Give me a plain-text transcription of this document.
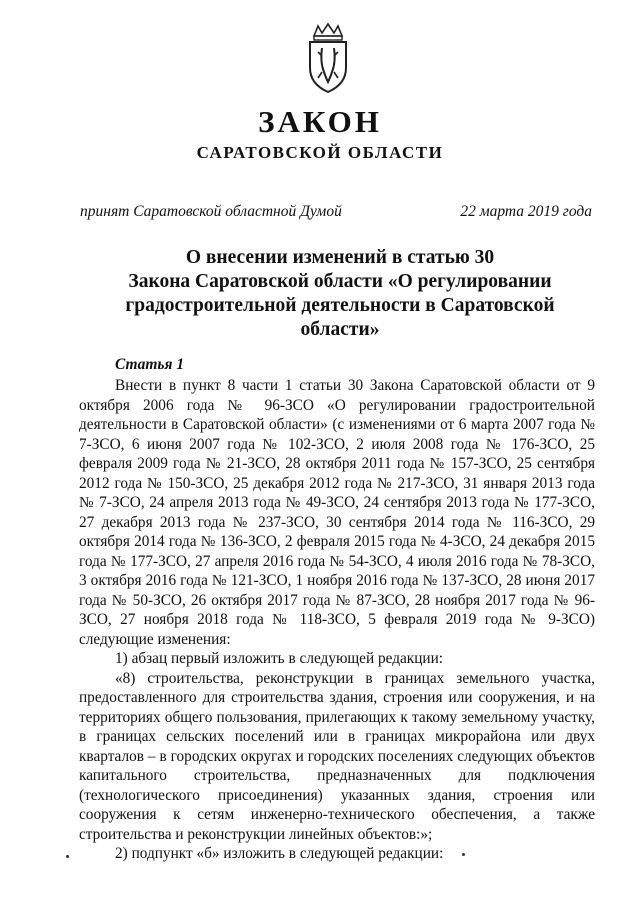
ЗАКОН
САРАТОВСКОЙ ОБЛАСТИ
принят Саратовской областной Думой	22 марта 2019 года
О внесении изменений в статью 30
Закона Саратовской области «О регулировании
градостроительной деятельности в Саратовской
области»
Статья 1

Внести в пункт 8 части 1 статьи 30 Закона Саратовской области от 9 октября 2006 года № 96-ЗСО «О регулировании градостроительной деятельности в Саратовской области» (с изменениями от 6 марта 2007 года № 7-ЗСО, 6 июня 2007 года № 102-ЗСО, 2 июля 2008 года № 176-ЗСО, 25 февраля 2009 года № 21-ЗСО, 28 октября 2011 года № 157-ЗСО, 25 сентября 2012 года № 150-ЗСО, 25 декабря 2012 года № 217-ЗСО, 31 января 2013 года № 7-ЗСО, 24 апреля 2013 года № 49-ЗСО, 24 сентября 2013 года № 177-ЗСО, 27 декабря 2013 года № 237-ЗСО, 30 сентября 2014 года № 116-ЗСО, 29 октября 2014 года № 136-ЗСО, 2 февраля 2015 года № 4-ЗСО, 24 декабря 2015 года № 177-ЗСО, 27 апреля 2016 года № 54-ЗСО, 4 июля 2016 года № 78-ЗСО, 3 октября 2016 года № 121-ЗСО, 1 ноября 2016 года № 137-ЗСО, 28 июня 2017 года № 50-ЗСО, 26 октября 2017 года № 87-ЗСО, 28 ноября 2017 года № 96-ЗСО, 27 ноября 2018 года № 118-ЗСО, 5 февраля 2019 года № 9-ЗСО) следующие изменения:

1) абзац первый изложить в следующей редакции:

«8) строительства, реконструкции в границах земельного участка, предоставленного для строительства здания, строения или сооружения, и на территориях общего пользования, прилегающих к такому земельному участку, в границах сельских поселений или в границах микрорайона или двух кварталов – в городских округах и городских поселениях следующих объектов капитального строительства, предназначенных для подключения (технологического присоединения) указанных здания, строения или сооружения к сетям инженерно-технического обеспечения, а также строительства и реконструкции линейных объектов:»;

2) подпункт «б» изложить в следующей редакции:
